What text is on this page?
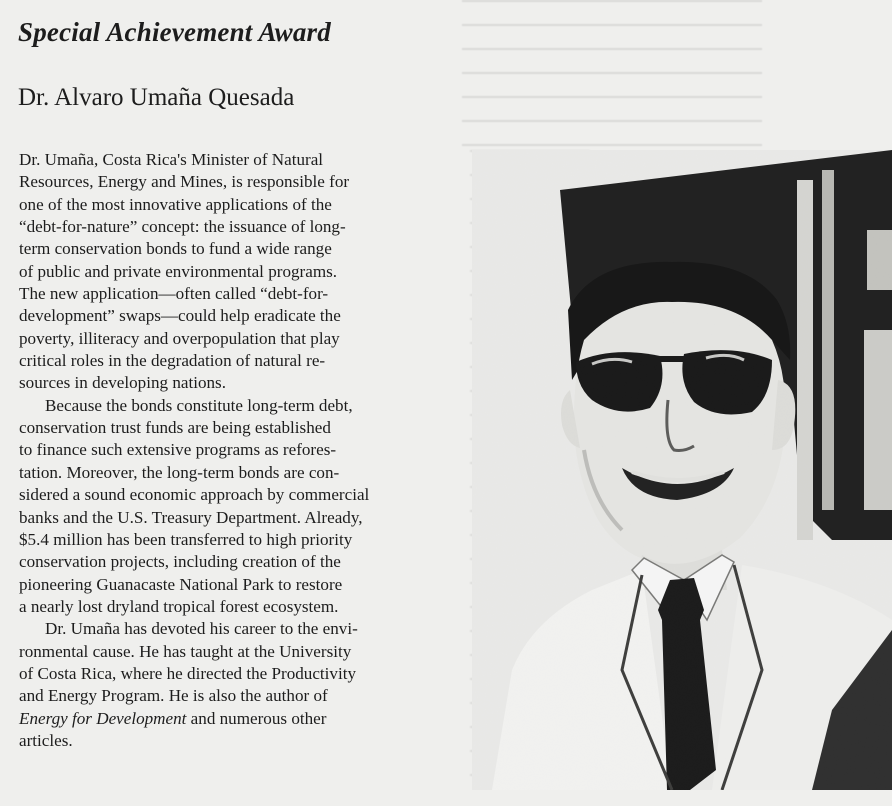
Special Achievement Award
Dr. Alvaro Umaña Quesada

Dr. Umaña, Costa Rica's Minister of Natural
Resources, Energy and Mines, is responsible for
one of the most innovative applications of the
“debt-for-nature” concept: the issuance of long-
term conservation bonds to fund a wide range
of public and private environmental programs.
The new application—often called “debt-for-
development” swaps—could help eradicate the
poverty, illiteracy and overpopulation that play
critical roles in the degradation of natural re-
sources in developing nations.

Because the bonds constitute long-term debt,
conservation trust funds are being established
to finance such extensive programs as refores-
tation. Moreover, the long-term bonds are con-
sidered a sound economic approach by commercial
banks and the U.S. Treasury Department. Already,
$5.4 million has been transferred to high priority
conservation projects, including creation of the
pioneering Guanacaste National Park to restore
a nearly lost dryland tropical forest ecosystem.

Dr. Umaña has devoted his career to the envi-
ronmental cause. He has taught at the University
of Costa Rica, where he directed the Productivity
and Energy Program. He is also the author of
Energy for Development and numerous other
articles.
